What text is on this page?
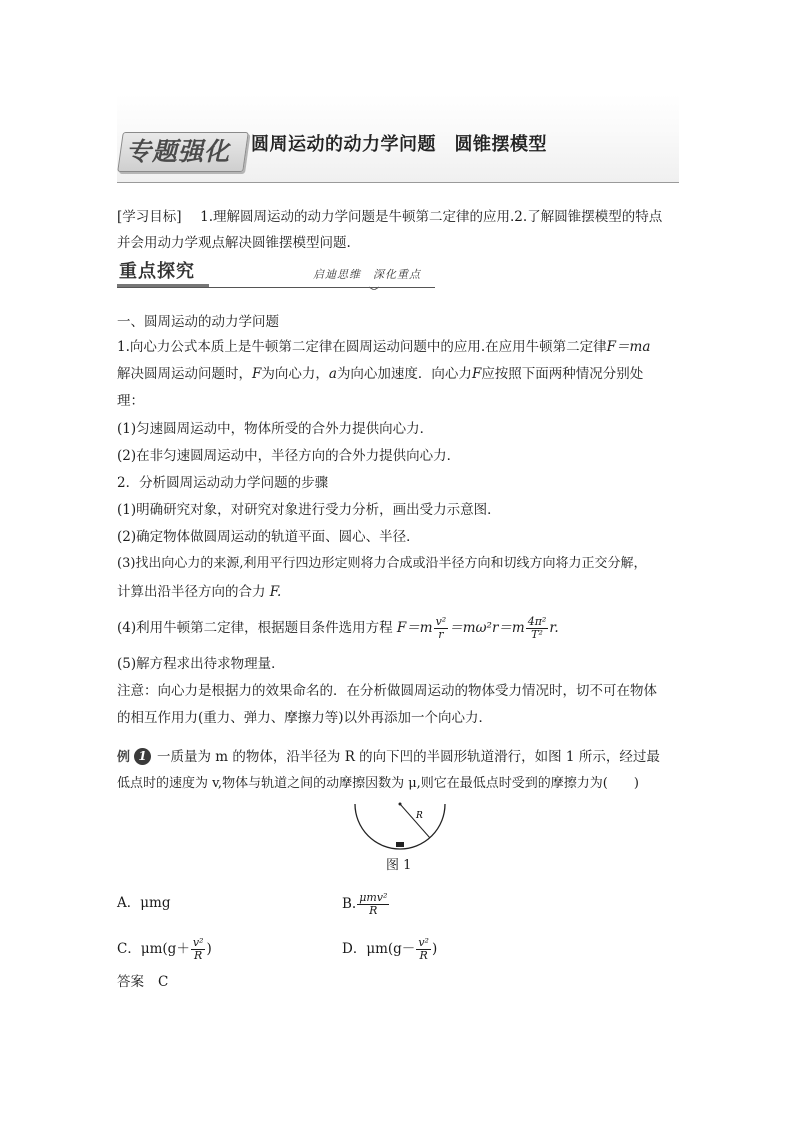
专题强化	圆周运动的动力学问题　圆锥摆模型
[学习目标] 1.理解圆周运动的动力学问题是牛顿第二定律的应用.2.了解圆锥摆模型的特点
并会用动力学观点解决圆锥摆模型问题.
重点探究	启迪思维　深化重点
一、圆周运动的动力学问题
1.向心力公式本质上是牛顿第二定律在圆周运动问题中的应用.在应用牛顿第二定律F＝ma
解决圆周运动问题时，F为向心力，a为向心加速度．向心力F应按照下面两种情况分别处
理：
(1)匀速圆周运动中，物体所受的合外力提供向心力．
(2)在非匀速圆周运动中，半径方向的合外力提供向心力．
2．分析圆周运动动力学问题的步骤
(1)明确研究对象，对研究对象进行受力分析，画出受力示意图．
(2)确定物体做圆周运动的轨道平面、圆心、半径．
(3)找出向心力的来源,利用平行四边形定则将力合成或沿半径方向和切线方向将力正交分解，
计算出沿半径方向的合力 F.
(4)利用牛顿第二定律，根据题目条件选用方程 $F=m \frac{\text{v²}}{r} =m\omega^2r=m \frac{\text{4π²}}{\text{T²}} r$.
(5)解方程求出待求物理量．
注意：向心力是根据力的效果命名的．在分析做圆周运动的物体受力情况时，切不可在物体
的相互作用力(重力、弹力、摩擦力等)以外再添加一个向心力．
例 1 一质量为 m 的物体，沿半径为 R 的向下凹的半圆形轨道滑行，如图 1 所示，经过最
低点时的速度为 v,物体与轨道之间的动摩擦因数为 μ,则它在最低点时受到的摩擦力为(　　)
R
图 1
A．μmg	B. $\frac{\text{μmv²}}{R}$
C．$\mu m(g+ \frac{\text{v²}}{R}$ )	D．$\mu m(g- \frac{\text{v²}}{R}$ )
答案 C
